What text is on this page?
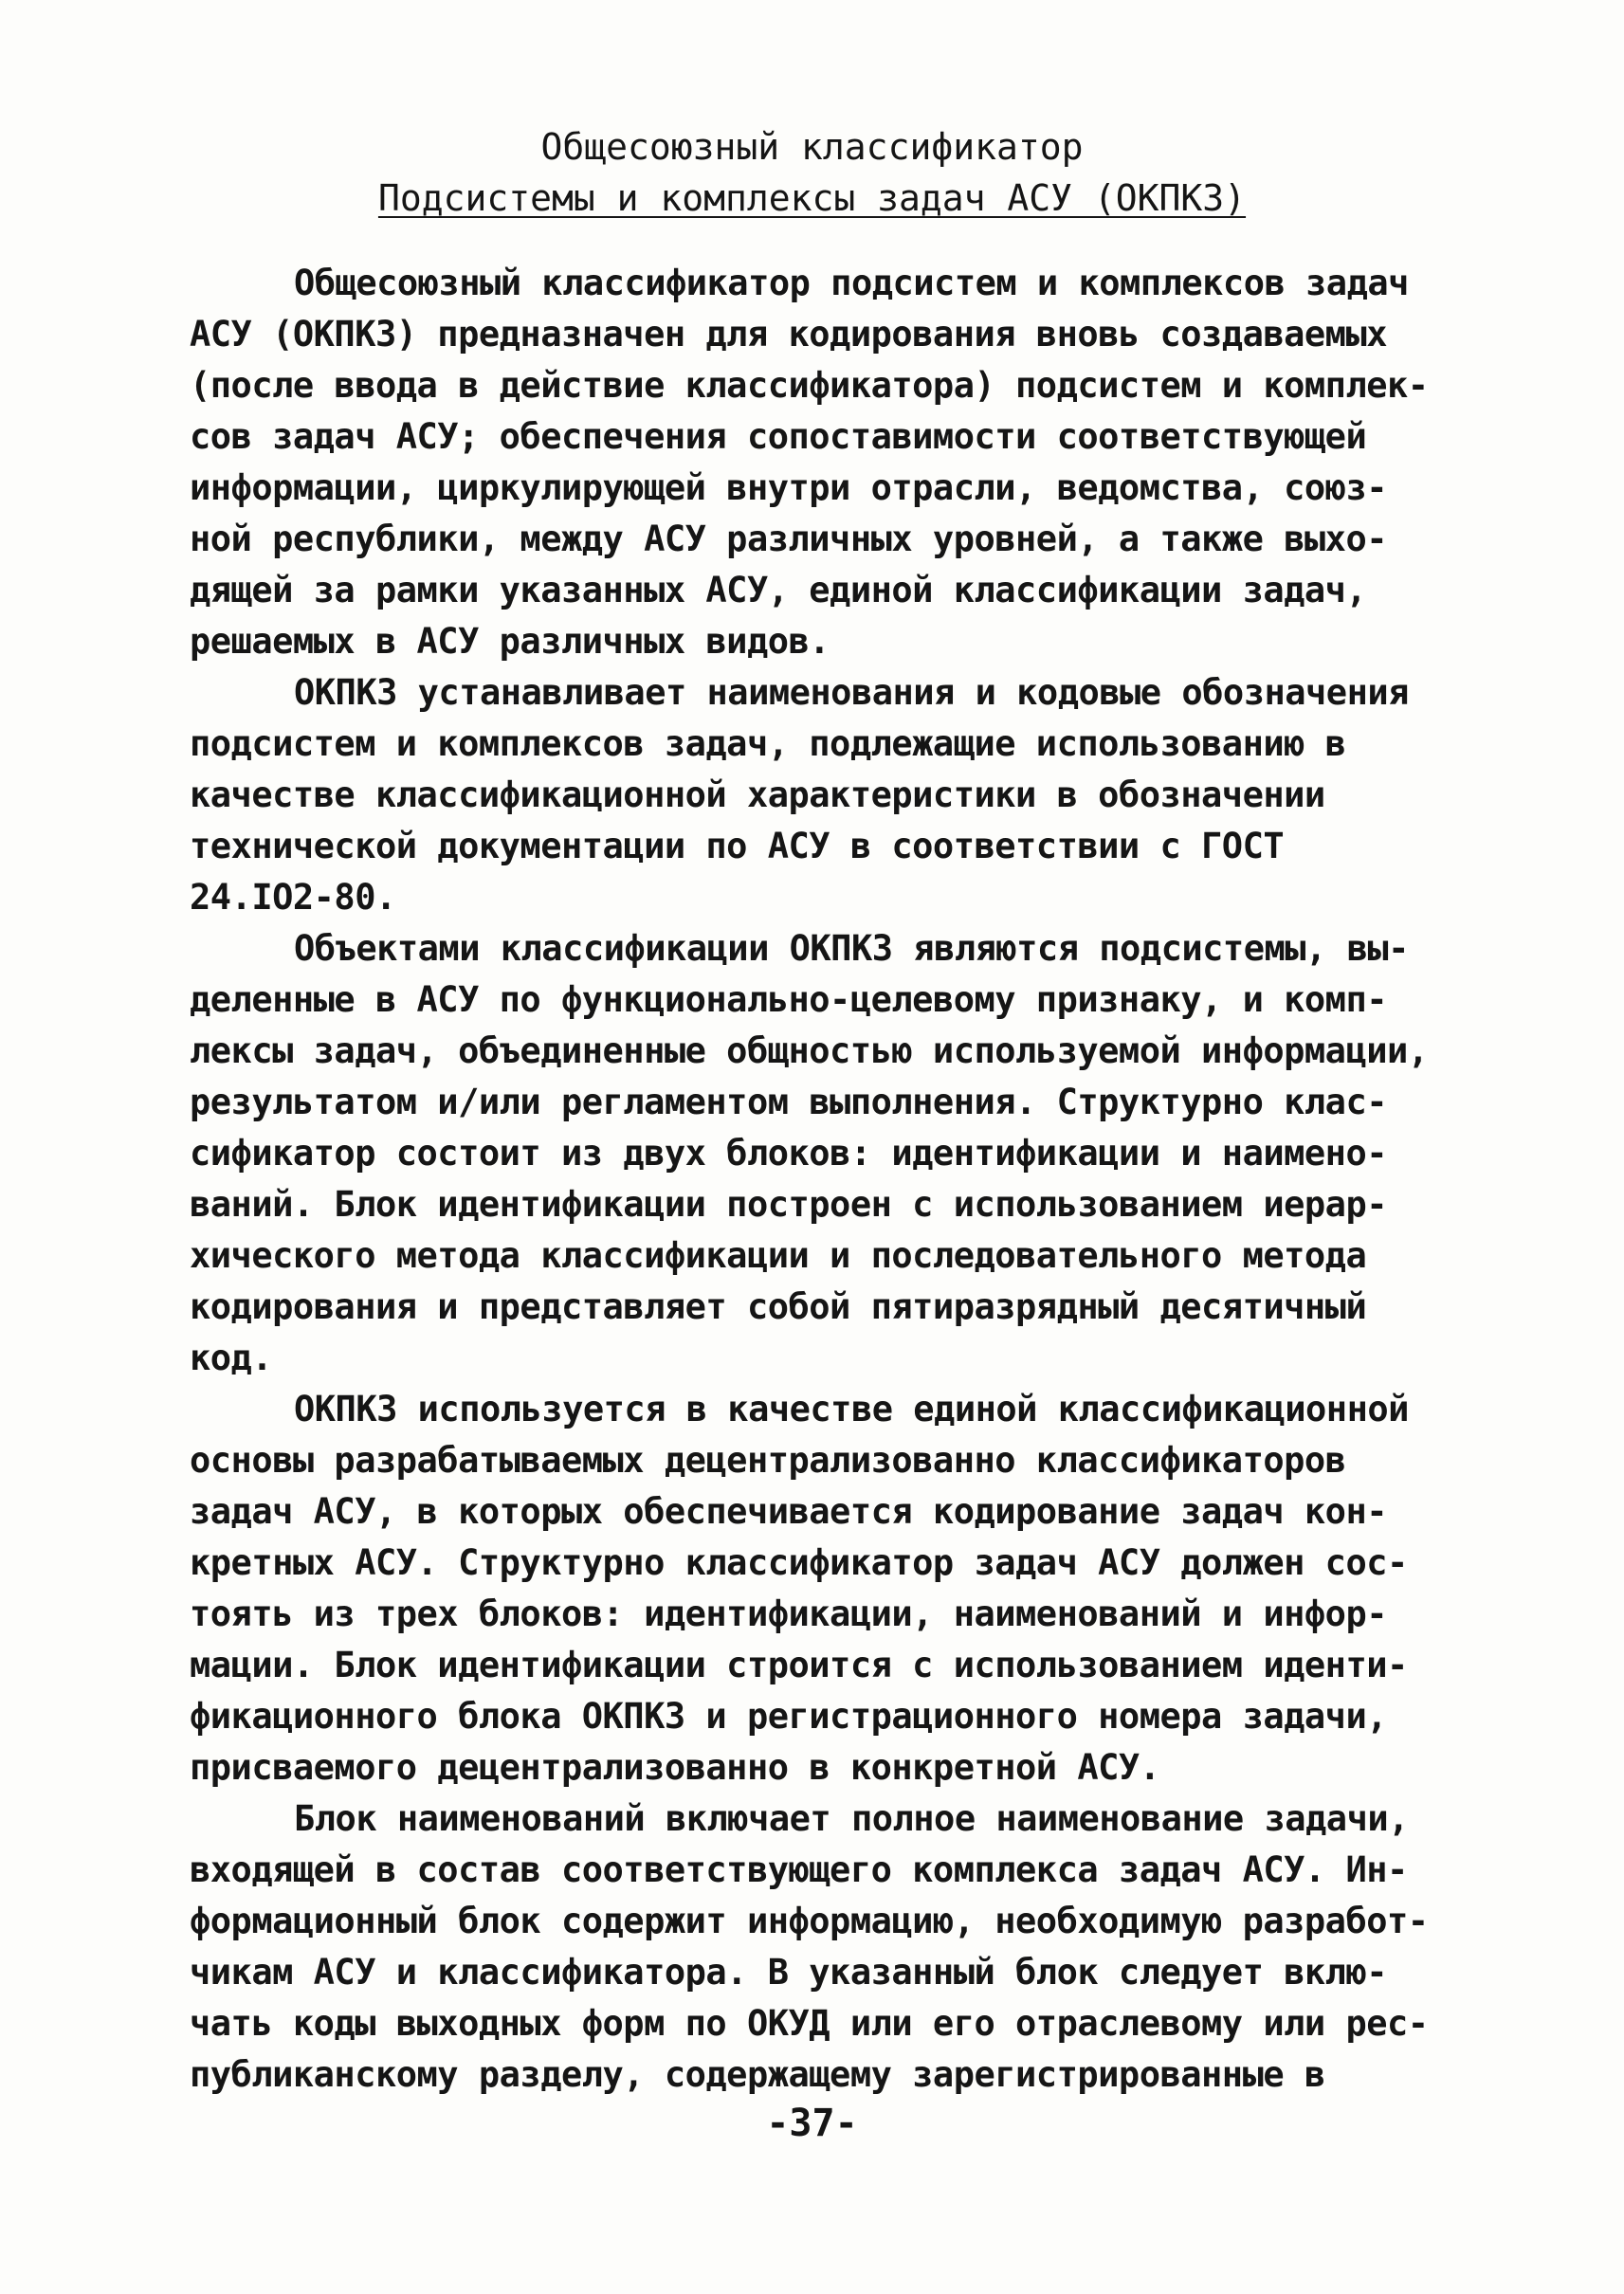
Общесоюзный классификатор
Подсистемы и комплексы задач АСУ (ОКПКЗ)
Общесоюзный классификатор подсистем и комплексов задач
АСУ (ОКПКЗ) предназначен для кодирования вновь создаваемых
(после ввода в действие классификатора) подсистем и комплек-
сов задач АСУ; обеспечения сопоставимости соответствующей
информации, циркулирующей внутри отрасли, ведомства, союз-
ной республики, между АСУ различных уровней, а также выхо-
дящей за рамки указанных АСУ, единой классификации задач,
решаемых в АСУ различных видов.
ОКПКЗ устанавливает наименования и кодовые обозначения
подсистем и комплексов задач, подлежащие использованию в
качестве классификационной характеристики в обозначении
технической документации по АСУ в соответствии с ГОСТ
24.IO2-80.
Объектами классификации ОКПКЗ являются подсистемы, вы-
деленные в АСУ по функционально-целевому признаку, и комп-
лексы задач, объединенные общностью используемой информации,
результатом и/или регламентом выполнения. Структурно клас-
сификатор состоит из двух блоков: идентификации и наимено-
ваний. Блок идентификации построен с использованием иерар-
хического метода классификации и последовательного метода
кодирования и представляет собой пятиразрядный десятичный
код.
ОКПКЗ используется в качестве единой классификационной
основы разрабатываемых децентрализованно классификаторов
задач АСУ, в которых обеспечивается кодирование задач кон-
кретных АСУ. Структурно классификатор задач АСУ должен сос-
тоять из трех блоков: идентификации, наименований и инфор-
мации. Блок идентификации строится с использованием иденти-
фикационного блока ОКПКЗ и регистрационного номера задачи,
присваемого децентрализованно в конкретной АСУ.
Блок наименований включает полное наименование задачи,
входящей в состав соответствующего комплекса задач АСУ. Ин-
формационный блок содержит информацию, необходимую разработ-
чикам АСУ и классификатора. В указанный блок следует вклю-
чать коды выходных форм по ОКУД или его отраслевому или рес-
публиканскому разделу, содержащему зарегистрированные в
-37-
